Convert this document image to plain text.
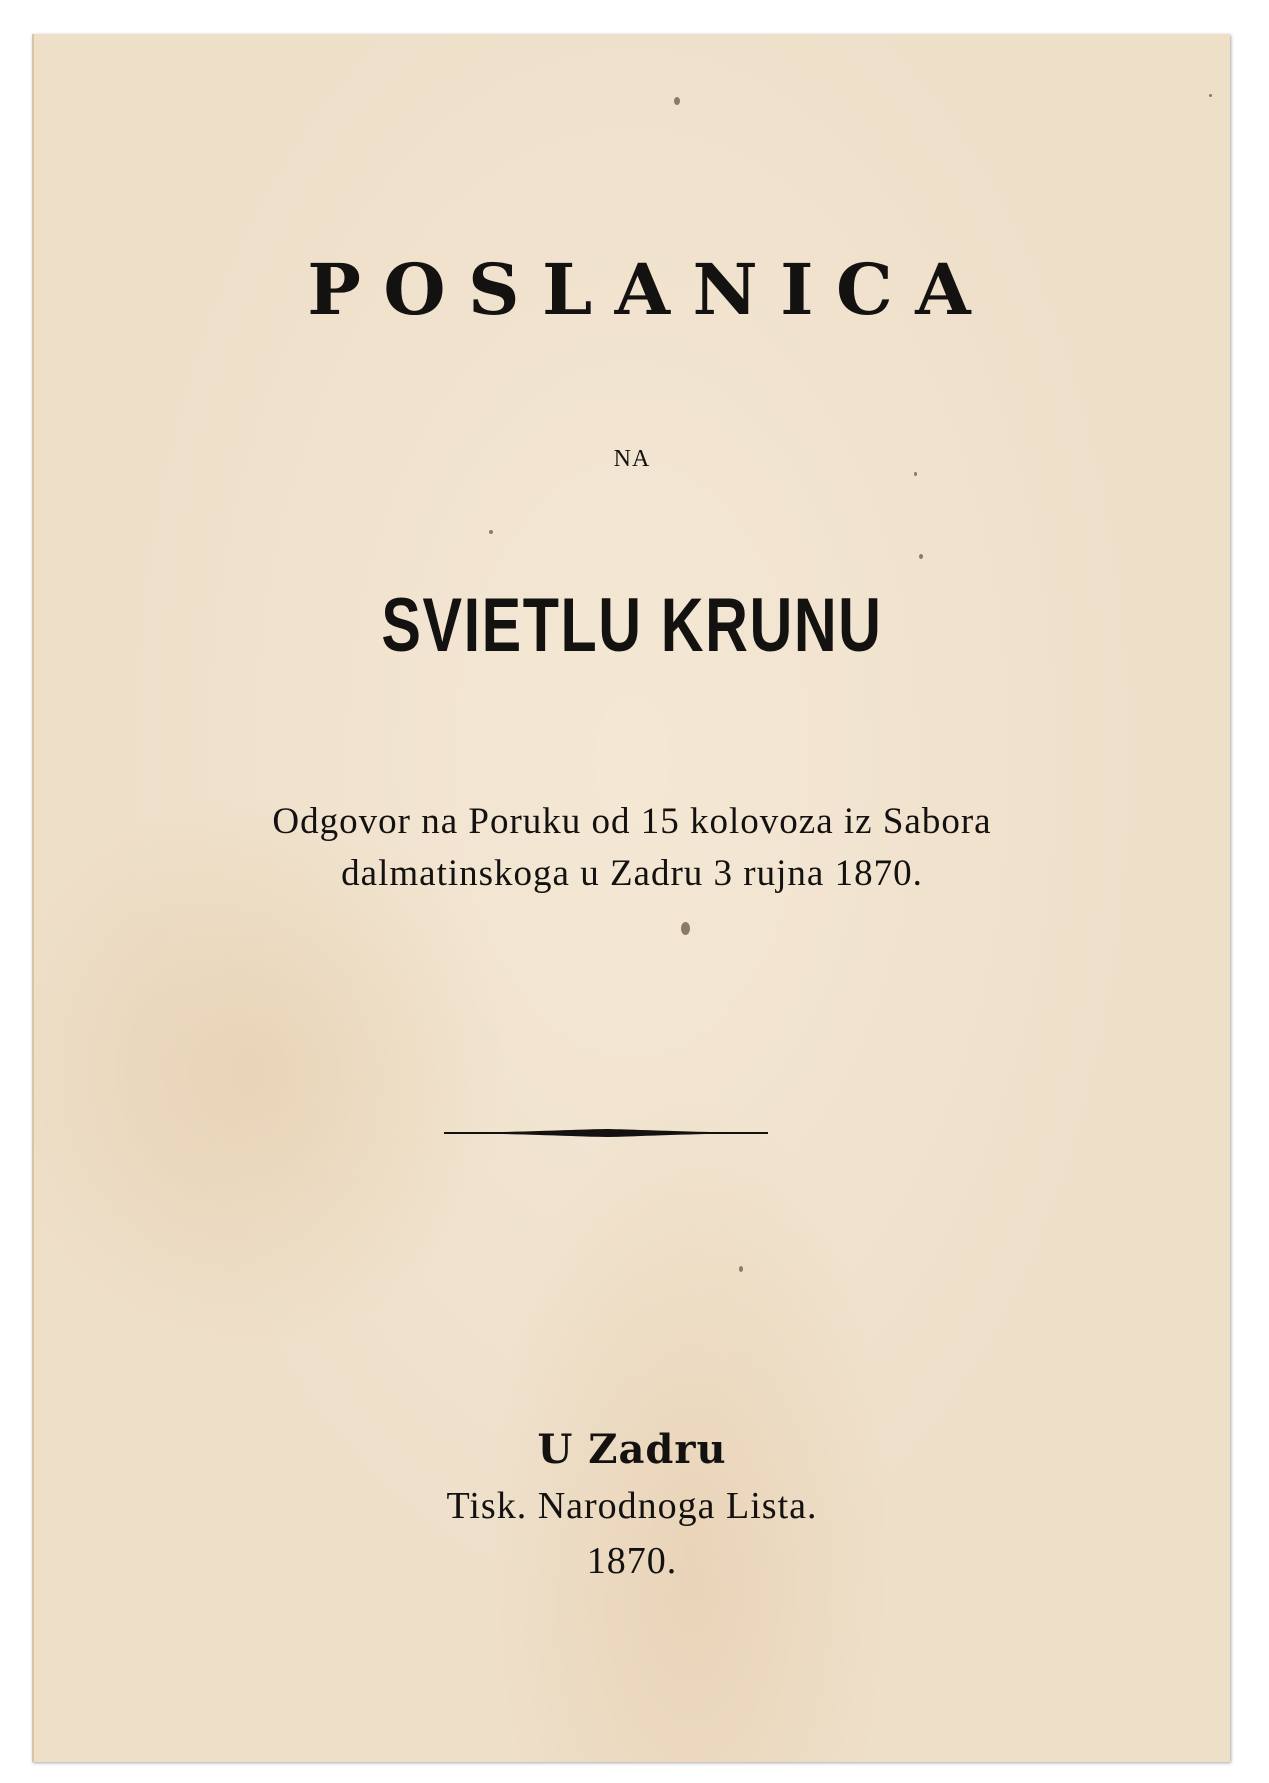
POSLANICA
NA
SVIETLU KRUNU
Odgovor na Poruku od 15 kolovoza iz Sabora
dalmatinskoga u Zadru 3 rujna 1870.
U Zadru
Tisk. Narodnoga Lista.
1870.
